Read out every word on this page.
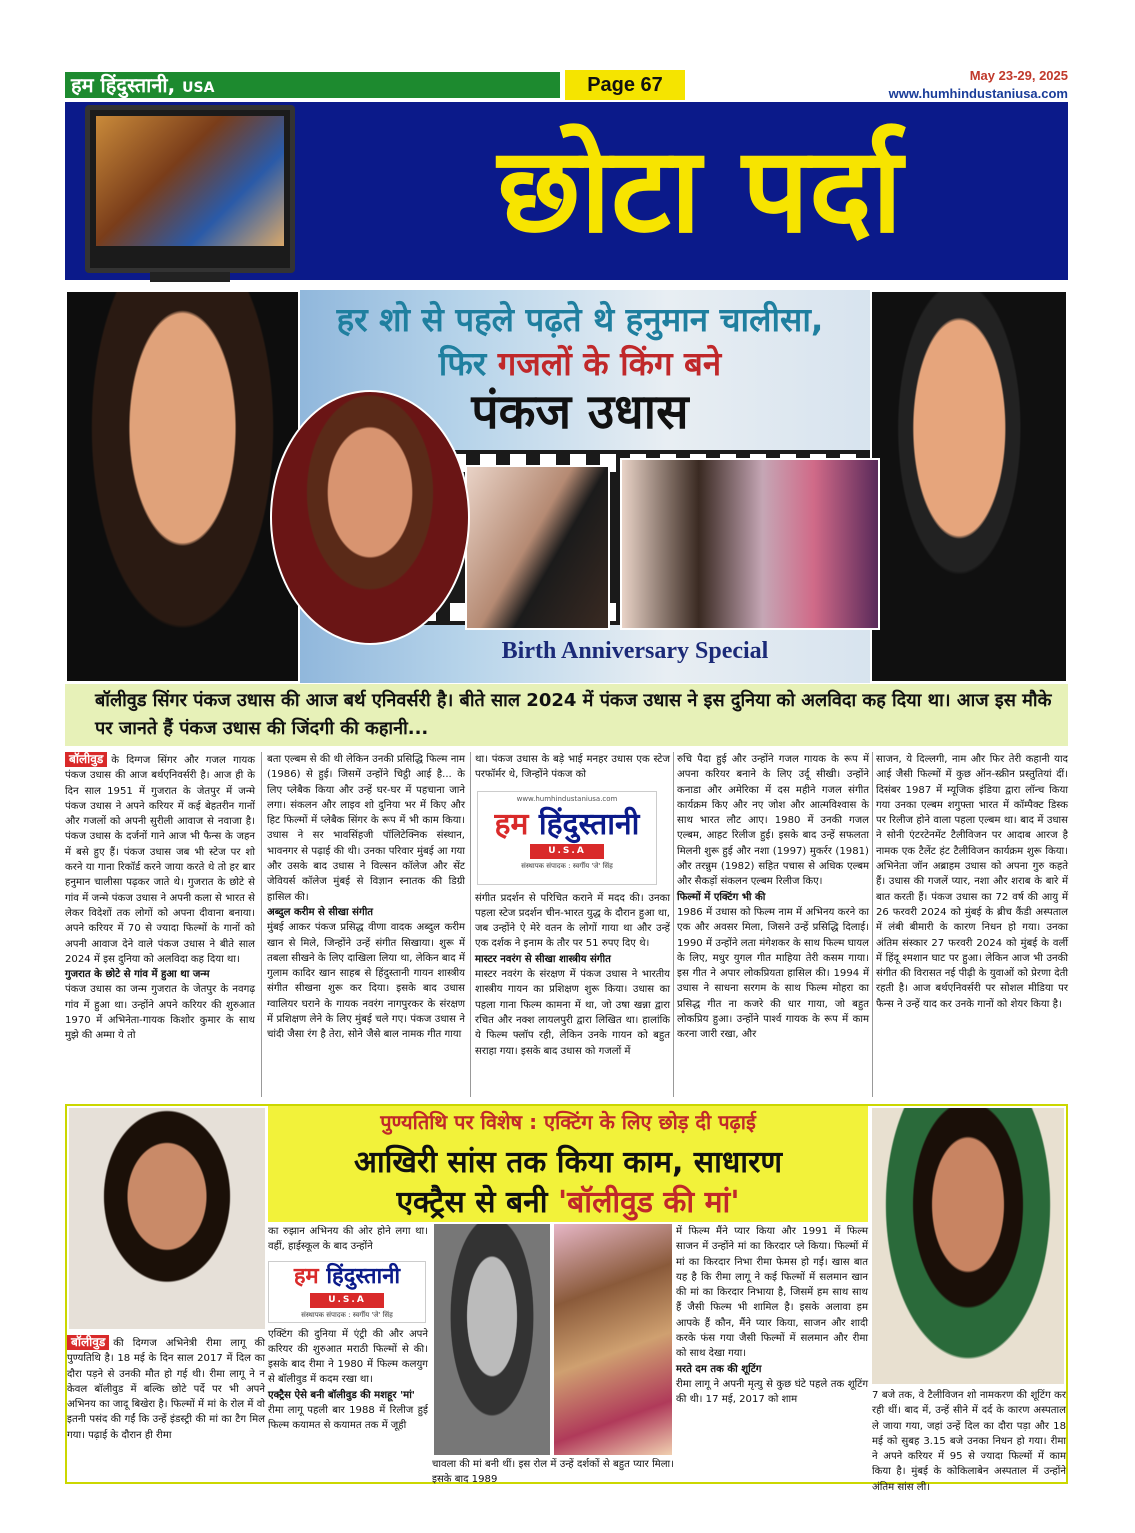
हम हिंदुस्तानी, USA	Page 67	May 23-29, 2025
www.humhindustaniusa.com
छोटा पर्दा
हर शो से पहले पढ़ते थे हनुमान चालीसा,
फिर गजलों के किंग बने
पंकज उधास
Birth Anniversary Special
बॉलीवुड सिंगर पंकज उधास की आज बर्थ एनिवर्सरी है। बीते साल 2024 में पंकज उधास ने इस दुनिया को अलविदा कह दिया था। आज इस मौके पर जानते हैं पंकज उधास की जिंदगी की कहानी...

बॉलीवुड के दिग्गज सिंगर और गजल गायक पंकज उधास की आज बर्थएनिवर्सरी है। आज ही के दिन साल 1951 में गुजरात के जेतपुर में जन्मे पंकज उधास ने अपने करियर में कई बेहतरीन गानों और गजलों को अपनी सुरीली आवाज से नवाजा है। पंकज उधास के दर्जनों गाने आज भी फैन्स के जहन में बसे हुए हैं। पंकज उधास जब भी स्टेज पर शो करने या गाना रिकॉर्ड करने जाया करते थे तो हर बार हनुमान चालीसा पढ़कर जाते थे। गुजरात के छोटे से गांव में जन्मे पंकज उधास ने अपनी कला से भारत से लेकर विदेशों तक लोगों को अपना दीवाना बनाया। अपने करियर में 70 से ज्यादा फिल्मों के गानों को अपनी आवाज देने वाले पंकज उधास ने बीते साल 2024 में इस दुनिया को अलविदा कह दिया था।

गुजरात के छोटे से गांव में हुआ था जन्म

पंकज उधास का जन्म गुजरात के जेतपुर के नवगढ़ गांव में हुआ था। उन्होंने अपने करियर की शुरुआत 1970 में अभिनेता-गायक किशोर कुमार के साथ मुझे की अम्मा ये तो

बता एल्बम से की थी लेकिन उनकी प्रसिद्धि फिल्म नाम (1986) से हुई। जिसमें उन्होंने चिट्ठी आई है... के लिए प्लेबैक किया और उन्हें घर-घर में पहचाना जाने लगा। संकलन और लाइव शो दुनिया भर में किए और हिट फिल्मों में प्लेबैक सिंगर के रूप में भी काम किया। उधास ने सर भावसिंहजी पॉलिटेक्निक संस्थान, भावनगर से पढ़ाई की थी। उनका परिवार मुंबई आ गया और उसके बाद उधास ने विल्सन कॉलेज और सेंट जेवियर्स कॉलेज मुंबई से विज्ञान स्नातक की डिग्री हासिल की।

अब्दुल करीम से सीखा संगीत

मुंबई आकर पंकज प्रसिद्ध वीणा वादक अब्दुल करीम खान से मिले, जिन्होंने उन्हें संगीत सिखाया। शुरू में तबला सीखने के लिए दाखिला लिया था, लेकिन बाद में गुलाम कादिर खान साहब से हिंदुस्तानी गायन शास्त्रीय संगीत सीखना शुरू कर दिया। इसके बाद उधास ग्वालियर घराने के गायक नवरंग नागपुरकर के संरक्षण में प्रशिक्षण लेने के लिए मुंबई चले गए। पंकज उधास ने चांदी जैसा रंग है तेरा, सोने जैसे बाल नामक गीत गाया

था। पंकज उधास के बड़े भाई मनहर उधास एक स्टेज परफॉर्मर थे, जिन्होंने पंकज को

www.humhindustaniusa.com
हम हिंदुस्तानी
U.S.A
संस्थापक संपादक : स्वर्गीय 'जे' सिंह

संगीत प्रदर्शन से परिचित कराने में मदद की। उनका पहला स्टेज प्रदर्शन चीन-भारत युद्ध के दौरान हुआ था, जब उन्होंने ऐ मेरे वतन के लोगों गाया था और उन्हें एक दर्शक ने इनाम के तौर पर 51 रुपए दिए थे।

मास्टर नवरंग से सीखा शास्त्रीय संगीत

मास्टर नवरंग के संरक्षण में पंकज उधास ने भारतीय शास्त्रीय गायन का प्रशिक्षण शुरू किया। उधास का पहला गाना फिल्म कामना में था, जो उषा खन्ना द्वारा रचित और नक्श लायलपुरी द्वारा लिखित था। हालांकि ये फिल्म फ्लॉप रही, लेकिन उनके गायन को बहुत सराहा गया। इसके बाद उधास को गजलों में

रुचि पैदा हुई और उन्होंने गजल गायक के रूप में अपना करियर बनाने के लिए उर्दू सीखी। उन्होंने कनाडा और अमेरिका में दस महीने गजल संगीत कार्यक्रम किए और नए जोश और आत्मविश्वास के साथ भारत लौट आए। 1980 में उनकी गजल एल्बम, आहट रिलीज हुई। इसके बाद उन्हें सफलता मिलनी शुरू हुई और नशा (1997) मुकर्रर (1981) और तरन्नुम (1982) सहित पचास से अधिक एल्बम और सैकड़ों संकलन एल्बम रिलीज किए।

फिल्मों में एक्टिंग भी की

1986 में उधास को फिल्म नाम में अभिनय करने का एक और अवसर मिला, जिसने उन्हें प्रसिद्धि दिलाई। 1990 में उन्होंने लता मंगेशकर के साथ फिल्म घायल के लिए, मधुर युगल गीत माहिया तेरी कसम गाया। इस गीत ने अपार लोकप्रियता हासिल की। 1994 में उधास ने साधना सरगम के साथ फिल्म मोहरा का प्रसिद्ध गीत ना कजरे की धार गाया, जो बहुत लोकप्रिय हुआ। उन्होंने पार्श्व गायक के रूप में काम करना जारी रखा, और

साजन, ये दिल्लगी, नाम और फिर तेरी कहानी याद आई जैसी फिल्मों में कुछ ऑन-स्क्रीन प्रस्तुतियां दीं। दिसंबर 1987 में म्यूजिक इंडिया द्वारा लॉन्च किया गया उनका एल्बम शगुफ्ता भारत में कॉम्पैक्ट डिस्क पर रिलीज होने वाला पहला एल्बम था। बाद में उधास ने सोनी एंटरटेनमेंट टैलीविजन पर आदाब आरज है नामक एक टैलेंट हंट टैलीविजन कार्यक्रम शुरू किया। अभिनेता जॉन अब्राहम उधास को अपना गुरु कहते हैं। उधास की गजलें प्यार, नशा और शराब के बारे में बात करती हैं। पंकज उधास का 72 वर्ष की आयु में 26 फरवरी 2024 को मुंबई के ब्रीच कैंडी अस्पताल में लंबी बीमारी के कारण निधन हो गया। उनका अंतिम संस्कार 27 फरवरी 2024 को मुंबई के वर्ली में हिंदू श्मशान घाट पर हुआ। लेकिन आज भी उनकी संगीत की विरासत नई पीढ़ी के युवाओं को प्रेरणा देती रहती है। आज बर्थएनिवर्सरी पर सोशल मीडिया पर फैन्स ने उन्हें याद कर उनके गानों को शेयर किया है।

पुण्यतिथि पर विशेष : एक्टिंग के लिए छोड़ दी पढ़ाई
आखिरी सांस तक किया काम, साधारण
एक्ट्रैस से बनी 'बॉलीवुड की मां'

बॉलीवुड की दिग्गज अभिनेत्री रीमा लागू की पुण्यतिथि है। 18 मई के दिन साल 2017 में दिल का दौरा पड़ने से उनकी मौत हो गई थी। रीमा लागू ने न केवल बॉलीवुड में बल्कि छोटे पर्दे पर भी अपने अभिनय का जादू बिखेरा है। फिल्मों में मां के रोल में वो इतनी पसंद की गईं कि उन्हें इंडस्ट्री की मां का टैग मिल गया। पढ़ाई के दौरान ही रीमा

का रुझान अभिनय की ओर होने लगा था। वहीं, हाईस्कूल के बाद उन्होंने

हम हिंदुस्तानी
U.S.A
संस्थापक संपादक : स्वर्गीय 'जे' सिंह

एक्टिंग की दुनिया में एंट्री की और अपने करियर की शुरुआत मराठी फिल्मों से की। इसके बाद रीमा ने 1980 में फिल्म कलयुग से बॉलीवुड में कदम रखा था।

एक्ट्रैस ऐसे बनी बॉलीवुड की मशहूर 'मां'

रीमा लागू पहली बार 1988 में रिलीज हुई फिल्म कयामत से कयामत तक में जूही

चावला की मां बनी थीं। इस रोल में उन्हें दर्शकों से बहुत प्यार मिला। इसके बाद 1989

में फिल्म मैंने प्यार किया और 1991 में फिल्म साजन में उन्होंने मां का किरदार प्ले किया। फिल्मों में मां का किरदार निभा रीमा फेमस हो गईं। खास बात यह है कि रीमा लागू ने कई फिल्मों में सलमान खान की मां का किरदार निभाया है, जिसमें हम साथ साथ हैं जैसी फिल्म भी शामिल है। इसके अलावा हम आपके हैं कौन, मैंने प्यार किया, साजन और शादी करके फंस गया जैसी फिल्मों में सलमान और रीमा को साथ देखा गया।

मरते दम तक की शूटिंग

रीमा लागू ने अपनी मृत्यु से कुछ घंटे पहले तक शूटिंग की थी। 17 मई, 2017 को शाम	7 बजे तक, वे टैलीविजन शो नामकरण की शूटिंग कर रही थीं। बाद में, उन्हें सीने में दर्द के कारण अस्पताल ले जाया गया, जहां उन्हें दिल का दौरा पड़ा और 18 मई को सुबह 3.15 बजे उनका निधन हो गया। रीमा ने अपने करियर में 95 से ज्यादा फिल्मों में काम किया है। मुंबई के कोकिलाबेन अस्पताल में उन्होंने अंतिम सांस ली।
